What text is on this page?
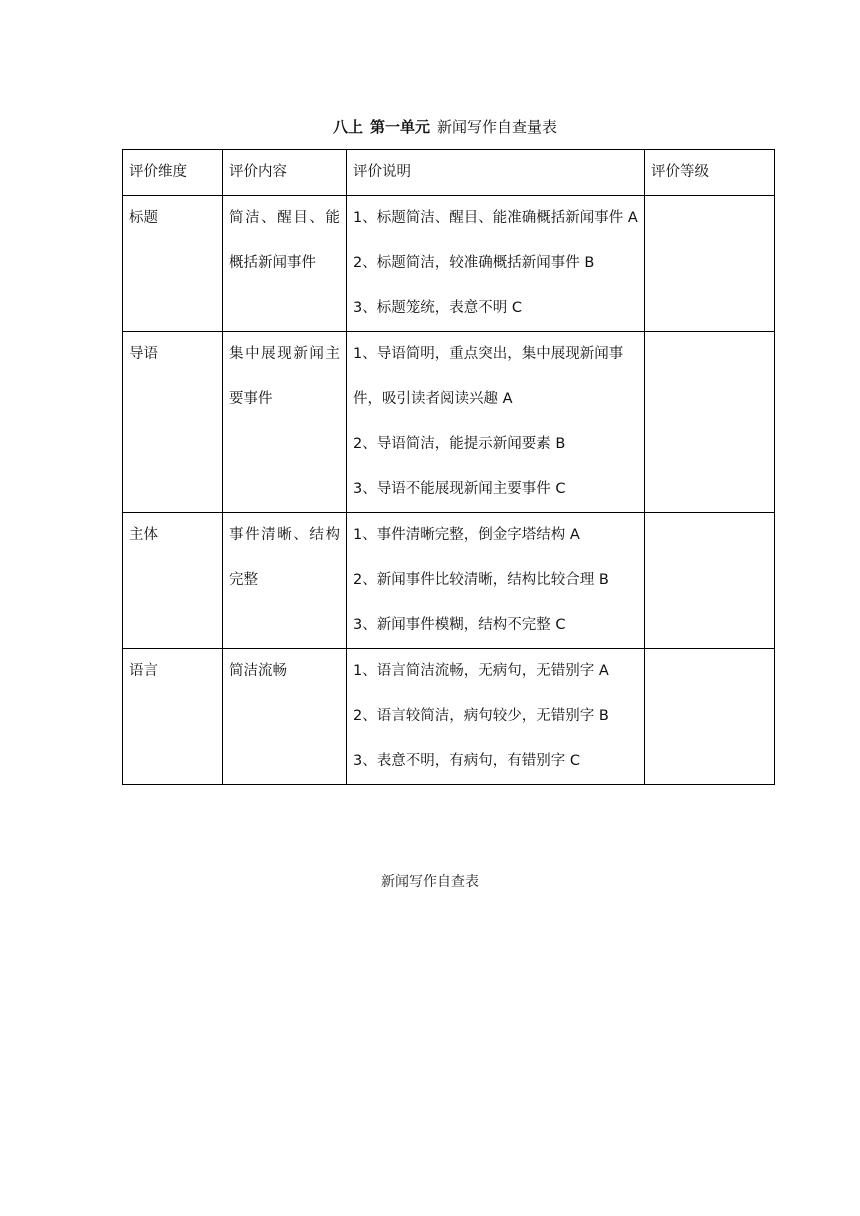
八上 第一单元 新闻写作自查量表
评价维度	评价内容	评价说明	评价等级
标题	简洁、醒目、能概括新闻事件	1、标题简洁、醒目、能准确概括新闻事件 A
2、标题简洁，较准确概括新闻事件 B
3、标题笼统，表意不明 C	

导语	集中展现新闻主要事件	1、导语简明，重点突出，集中展现新闻事件，吸引读者阅读兴趣 A
2、导语简洁，能提示新闻要素 B
3、导语不能展现新闻主要事件 C	

主体	事件清晰、结构完整	1、事件清晰完整，倒金字塔结构 A
2、新闻事件比较清晰，结构比较合理 B
3、新闻事件模糊，结构不完整 C	

语言	简洁流畅	1、语言简洁流畅，无病句，无错别字 A
2、语言较简洁，病句较少，无错别字 B
3、表意不明，有病句，有错别字 C	

新闻写作自查表
